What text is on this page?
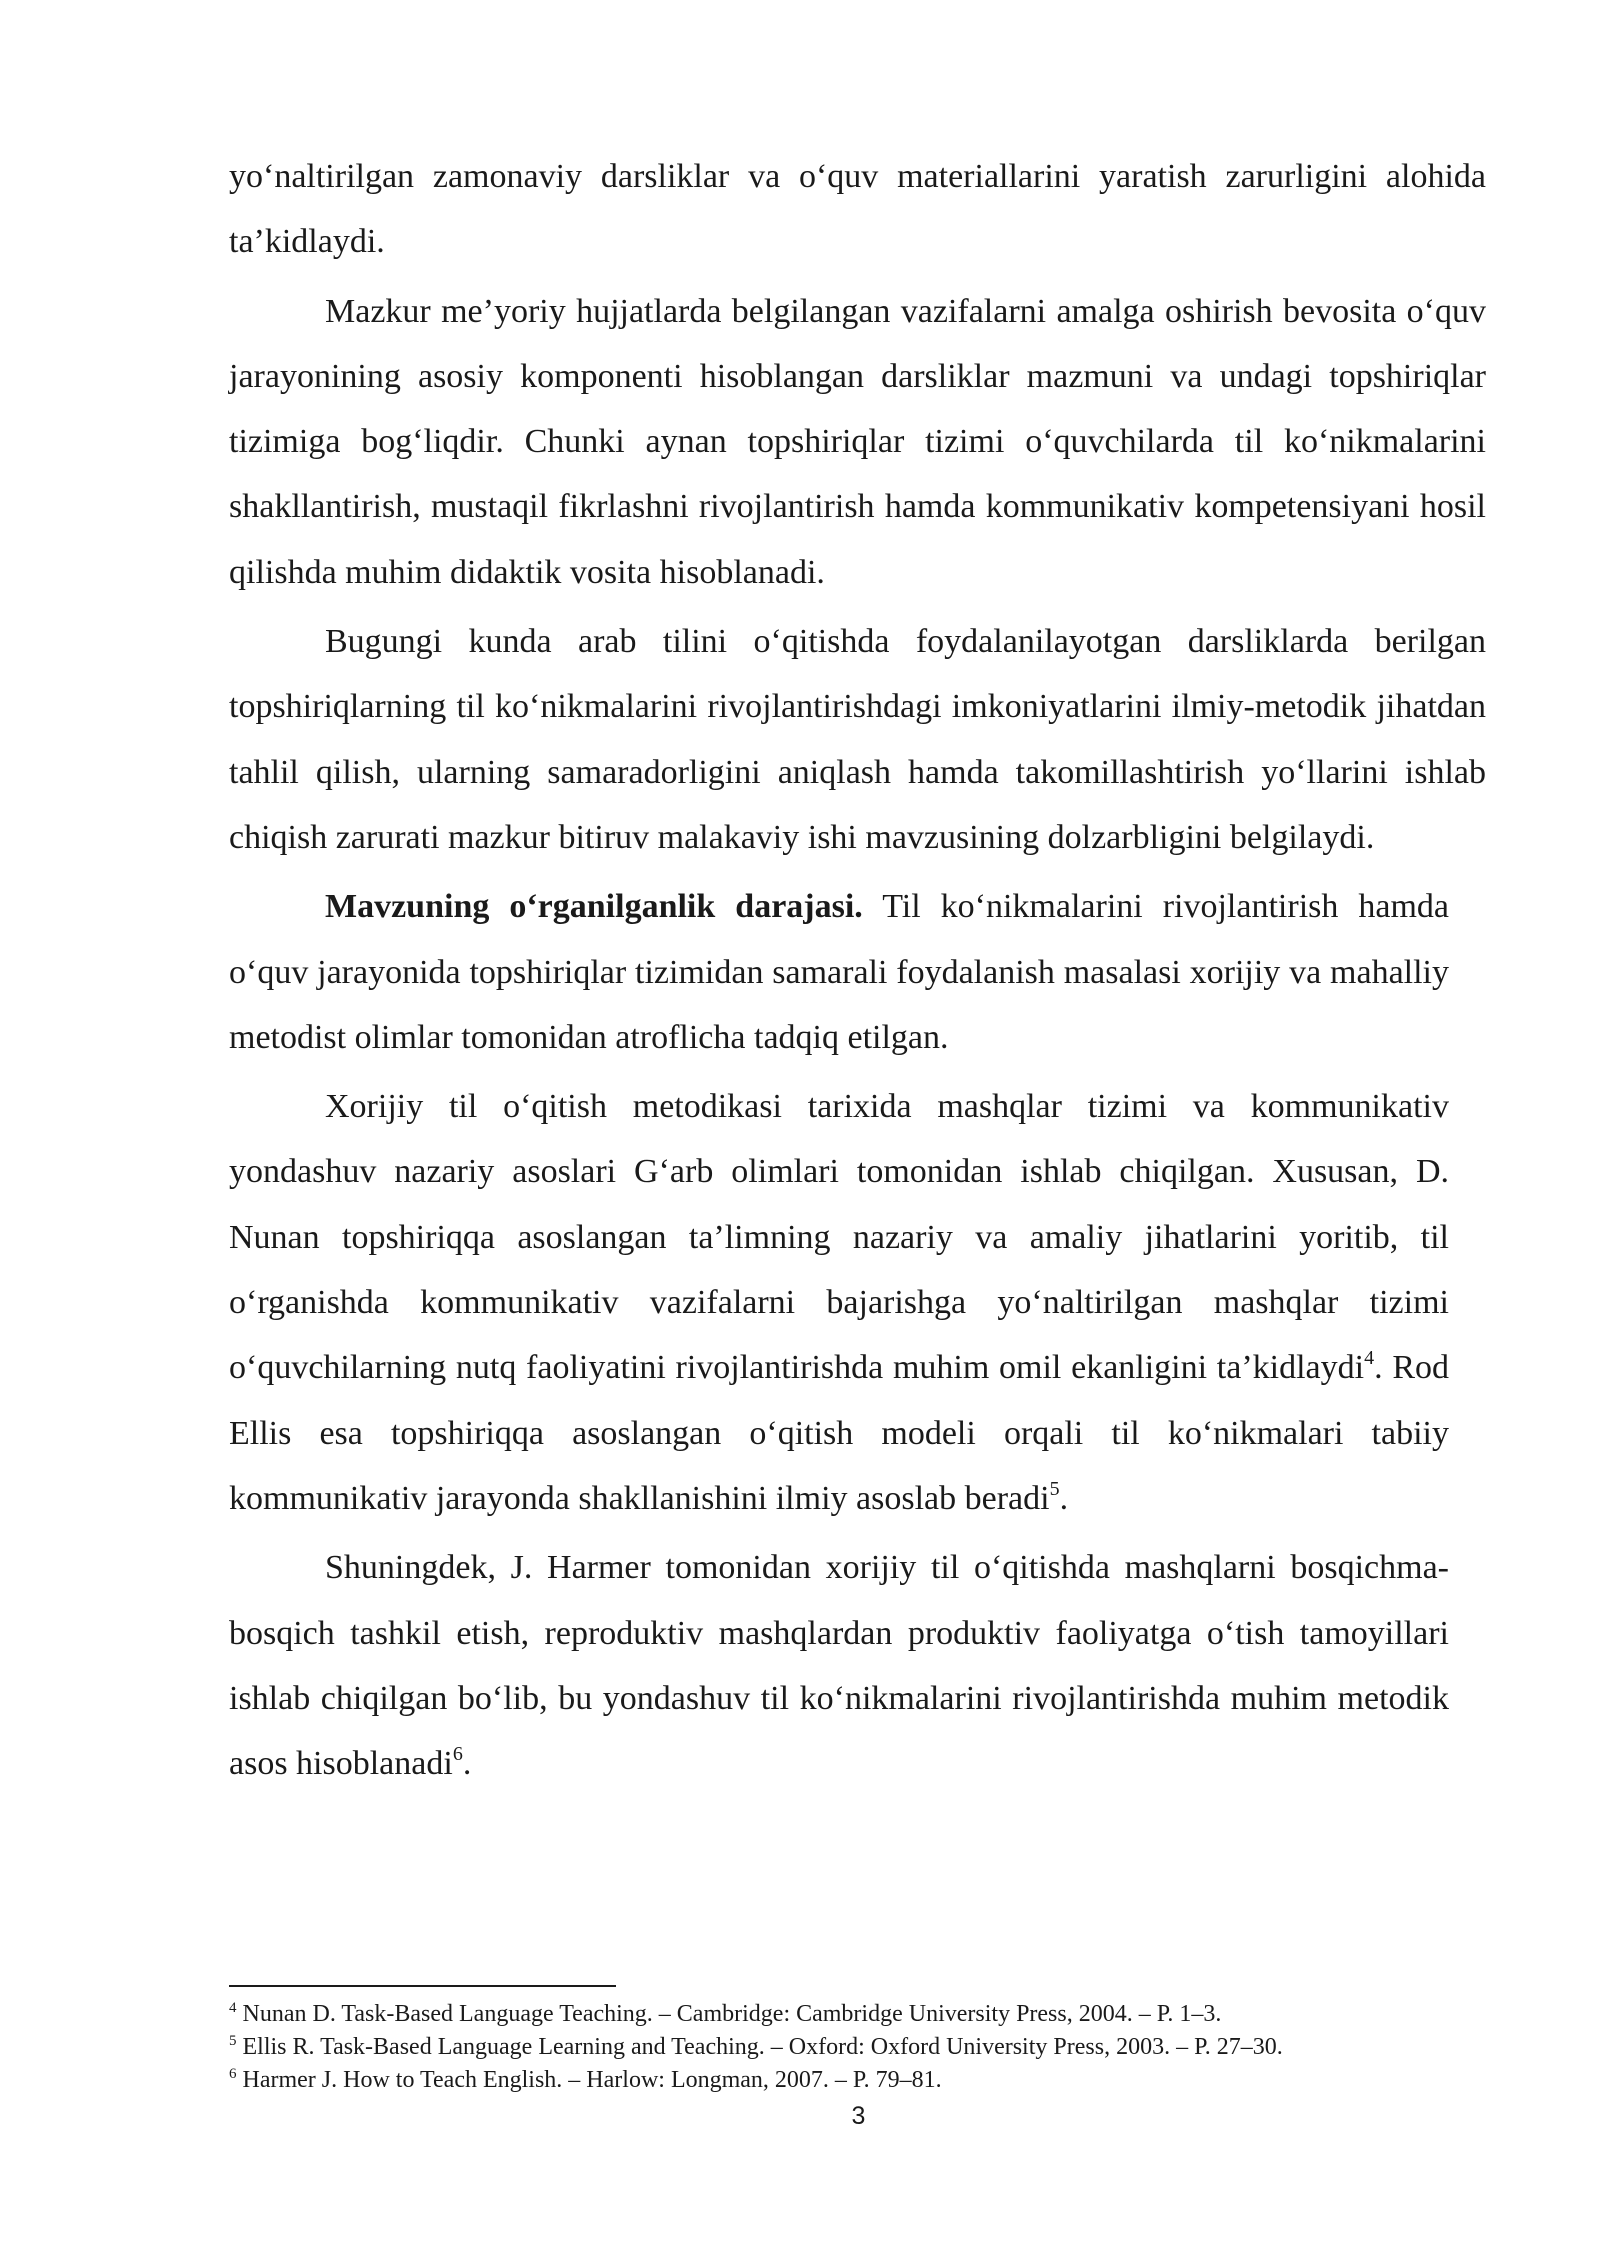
yo‘naltirilgan zamonaviy darsliklar va o‘quv materiallarini yaratish zarurligini alohida ta’kidlaydi.

Mazkur me’yoriy hujjatlarda belgilangan vazifalarni amalga oshirish bevosita o‘quv jarayonining asosiy komponenti hisoblangan darsliklar mazmuni va undagi topshiriqlar tizimiga bog‘liqdir. Chunki aynan topshiriqlar tizimi o‘quvchilarda til ko‘nikmalarini shakllantirish, mustaqil fikrlashni rivojlantirish hamda kommunikativ kompetensiyani hosil qilishda muhim didaktik vosita hisoblanadi.

Bugungi kunda arab tilini o‘qitishda foydalanilayotgan darsliklarda berilgan topshiriqlarning til ko‘nikmalarini rivojlantirishdagi imkoniyatlarini ilmiy-metodik jihatdan tahlil qilish, ularning samaradorligini aniqlash hamda takomillashtirish yo‘llarini ishlab chiqish zarurati mazkur bitiruv malakaviy ishi mavzusining dolzarbligini belgilaydi.

Mavzuning o‘rganilganlik darajasi. Til ko‘nikmalarini rivojlantirish hamda o‘quv jarayonida topshiriqlar tizimidan samarali foydalanish masalasi xorijiy va mahalliy metodist olimlar tomonidan atroflicha tadqiq etilgan.

Xorijiy til o‘qitish metodikasi tarixida mashqlar tizimi va kommunikativ yondashuv nazariy asoslari G‘arb olimlari tomonidan ishlab chiqilgan. Xususan, D. Nunan topshiriqqa asoslangan ta’limning nazariy va amaliy jihatlarini yoritib, til o‘rganishda kommunikativ vazifalarni bajarishga yo‘naltirilgan mashqlar tizimi o‘quvchilarning nutq faoliyatini rivojlantirishda muhim omil ekanligini ta’kidlaydi$^4$. Rod Ellis esa topshiriqqa asoslangan o‘qitish modeli orqali til ko‘nikmalari tabiiy kommunikativ jarayonda shakllanishini ilmiy asoslab beradi$^5$.

Shuningdek, J. Harmer tomonidan xorijiy til o‘qitishda mashqlarni bosqichma-bosqich tashkil etish, reproduktiv mashqlardan produktiv faoliyatga o‘tish tamoyillari ishlab chiqilgan bo‘lib, bu yondashuv til ko‘nikmalarini rivojlantirishda muhim metodik asos hisoblanadi$^6$.

$^4$ Nunan D. Task-Based Language Teaching. – Cambridge: Cambridge University Press, 2004. – P. 1–3.

$^5$ Ellis R. Task-Based Language Learning and Teaching. – Oxford: Oxford University Press, 2003. – P. 27–30.

$^6$ Harmer J. How to Teach English. – Harlow: Longman, 2007. – P. 79–81.

3
